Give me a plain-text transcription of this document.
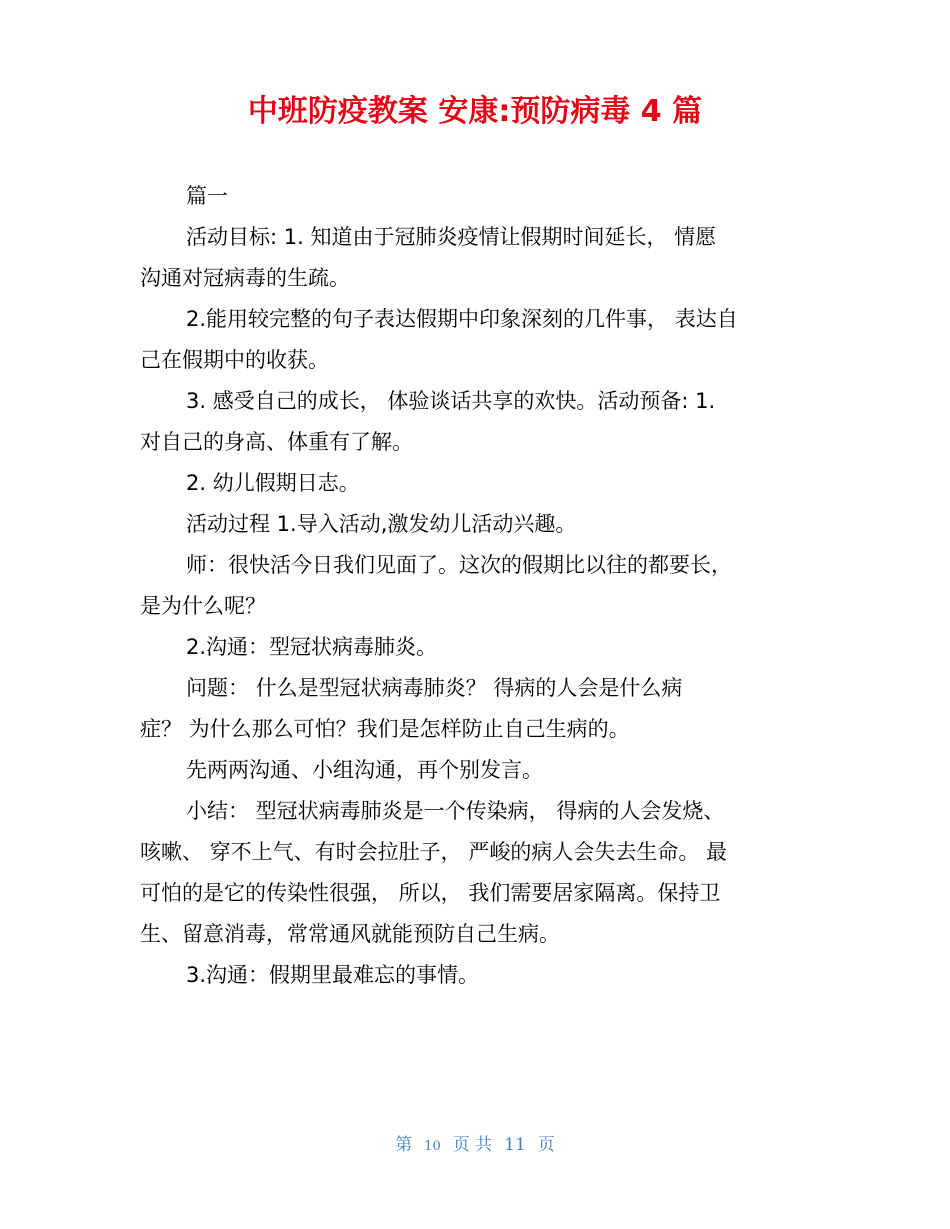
中班防疫教案 安康:预防病毒 4 篇

篇一

活动目标: 1. 知道由于冠肺炎疫情让假期时间延长， 情愿
沟通对冠病毒的生疏。

2.能用较完整的句子表达假期中印象深刻的几件事， 表达自
己在假期中的收获。

3. 感受自己的成长， 体验谈话共享的欢快。活动预备: 1.
对自己的身高、体重有了解。

2. 幼儿假期日志。

活动过程 1.导入活动,激发幼儿活动兴趣。

师：很快活今日我们见面了。这次的假期比以往的都要长，
是为什么呢？

2.沟通：型冠状病毒肺炎。

问题： 什么是型冠状病毒肺炎？ 得病的人会是什么病
症？ 为什么那么可怕？我们是怎样防止自己生病的。

先两两沟通、小组沟通，再个别发言。

小结： 型冠状病毒肺炎是一个传染病， 得病的人会发烧、
咳嗽、 穿不上气、有时会拉肚子， 严峻的病人会失去生命。 最
可怕的是它的传染性很强， 所以， 我们需要居家隔离。保持卫
生、留意消毒，常常通风就能预防自己生病。

3.沟通：假期里最难忘的事情。

第 10 页 共 11 页
